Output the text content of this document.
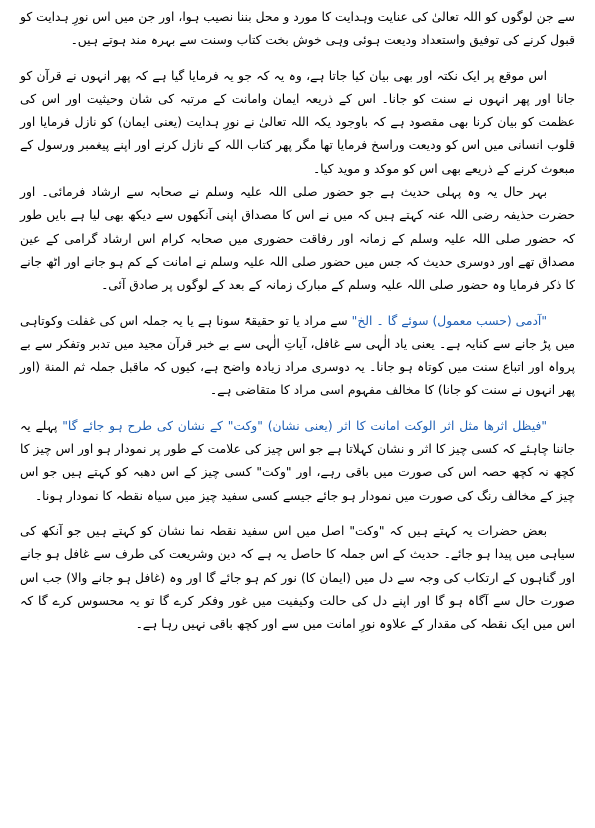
سے جن لوگوں کو اللہ تعالیٰ کی عنایت وہدایت کا مورد و محل بننا نصیب ہوا، اور جن میں اس نورِ ہدایت کو قبول کرنے کی توفیق واستعداد ودیعت ہوئی وہی خوش بخت کتاب وسنت سے بہرہ مند ہوتے ہیں۔

اس موقع پر ایک نکتہ اور بھی بیان کیا جاتا ہے، وہ یہ کہ جو یہ فرمایا گیا ہے کہ پھر انہوں نے قرآن کو جانا اور پھر انہوں نے سنت کو جانا۔ اس کے ذریعہ ایمان وامانت کے مرتبہ کی شان وحیثیت اور اس کی عظمت کو بیان کرنا بھی مقصود ہے کہ باوجود یکہ اللہ تعالیٰ نے نورِ ہدایت (یعنی ایمان) کو نازل فرمایا اور قلوب انسانی میں اس کو ودیعت وراسخ فرمایا تھا مگر پھر کتاب اللہ کے نازل کرنے اور اپنے پیغمبر ورسول کے مبعوث کرنے کے ذریعے بھی اس کو موکد و موید کیا۔

بہر حال یہ وہ پہلی حدیث ہے جو حضور صلی اللہ علیہ وسلم نے صحابہ سے ارشاد فرمائی۔ اور حضرت حذیفہ رضی اللہ عنہ کہتے ہیں کہ میں نے اس کا مصداق اپنی آنکھوں سے دیکھ بھی لیا ہے بایں طور کہ حضور صلی اللہ علیہ وسلم کے زمانہ اور رفاقت حضوری میں صحابہ کرام اس ارشاد گرامی کے عین مصداق تھے اور دوسری حدیث کہ جس میں حضور صلی اللہ علیہ وسلم نے امانت کے کم ہو جانے اور اٹھ جانے کا ذکر فرمایا وہ حضور صلی اللہ علیہ وسلم کے مبارک زمانہ کے بعد کے لوگوں پر صادق آئی۔

"آدمی (حسب معمول) سوئے گا ۔ الخ" سے مراد یا تو حقیقۃً سونا ہے یا یہ جملہ اس کی غفلت وکوتاہی میں پڑ جانے سے کنایہ ہے۔ یعنی یاد الٰہی سے غافل، آیاتِ الٰہی سے بے خبر قرآن مجید میں تدبر وتفکر سے بے پرواہ اور اتباع سنت میں کوتاہ ہو جانا۔ یہ دوسری مراد زیادہ واضح ہے، کیوں کہ ماقبل جملہ ثم المنة (اور پھر انہوں نے سنت کو جانا) کا مخالف مفہوم اسی مراد کا متقاضی ہے۔

"فیظل اثرھا مثل اثر الوکت امانت کا اثر (یعنی نشان) "وکت" کے نشان کی طرح ہو جائے گا" پہلے یہ جاننا چاہئے کہ کسی چیز کا اثر و نشان کہلاتا ہے جو اس چیز کی علامت کے طور پر نمودار ہو اور اس چیز کا کچھ نہ کچھ حصہ اس کی صورت میں باقی رہے، اور "وکت" کسی چیز کے اس دھبہ کو کہتے ہیں جو اس چیز کے مخالف رنگ کی صورت میں نمودار ہو جائے جیسے کسی سفید چیز میں سیاہ نقطہ کا نمودار ہونا۔

بعض حضرات یہ کہتے ہیں کہ "وکت" اصل میں اس سفید نقطہ نما نشان کو کہتے ہیں جو آنکھ کی سیاہی میں پیدا ہو جائے۔ حدیث کے اس جملہ کا حاصل یہ ہے کہ دین وشریعت کی طرف سے غافل ہو جانے اور گناہوں کے ارتکاب کی وجہ سے دل میں (ایمان کا) نور کم ہو جائے گا اور وہ (غافل ہو جانے والا) جب اس صورت حال سے آگاہ ہو گا اور اپنے دل کی حالت وکیفیت میں غور وفکر کرے گا تو یہ محسوس کرے گا کہ اس میں ایک نقطہ کی مقدار کے علاوہ نورِ امانت میں سے اور کچھ باقی نہیں رہا ہے۔
